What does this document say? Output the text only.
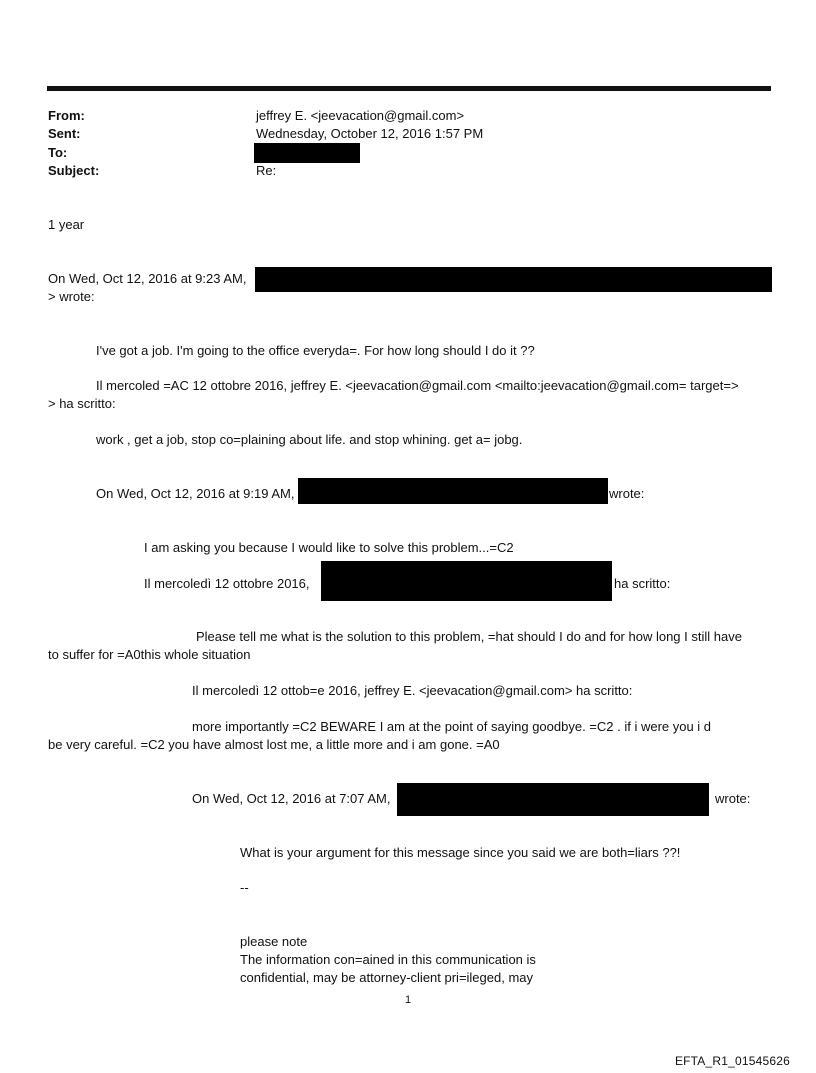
From:	jeffrey E. <jeevacation@gmail.com>
Sent:	Wednesday, October 12, 2016 1:57 PM
To:
Subject:	Re:
1 year
On Wed, Oct 12, 2016 at 9:23 AM,
> wrote:
I've got a job. I'm going to the office everyda=. For how long should I do it ??
Il mercoled =AC 12 ottobre 2016, jeffrey E. <jeevacation@gmail.com <mailto:jeevacation@gmail.com= target=>
> ha scritto:
work , get a job, stop co=plaining about life. and stop whining. get a= jobg.
On Wed, Oct 12, 2016 at 9:19 AM,	wrote:
I am asking you because I would like to solve this problem...=C2
Il mercoledì 12 ottobre 2016,	ha scritto:
Please tell me what is the solution to this problem, =hat should I do and for how long I still have
to suffer for =A0this whole situation
Il mercoledì 12 ottob=e 2016, jeffrey E. <jeevacation@gmail.com> ha scritto:
more importantly =C2 BEWARE I am at the point of saying goodbye. =C2 . if i were you i d
be very careful. =C2 you have almost lost me, a little more and i am gone. =A0
On Wed, Oct 12, 2016 at 7:07 AM,	wrote:
What is your argument for this message since you said we are both=liars ??!
--
please note
The information con=ained in this communication is
confidential, may be attorney-client pri=ileged, may
1
EFTA_R1_01545626
